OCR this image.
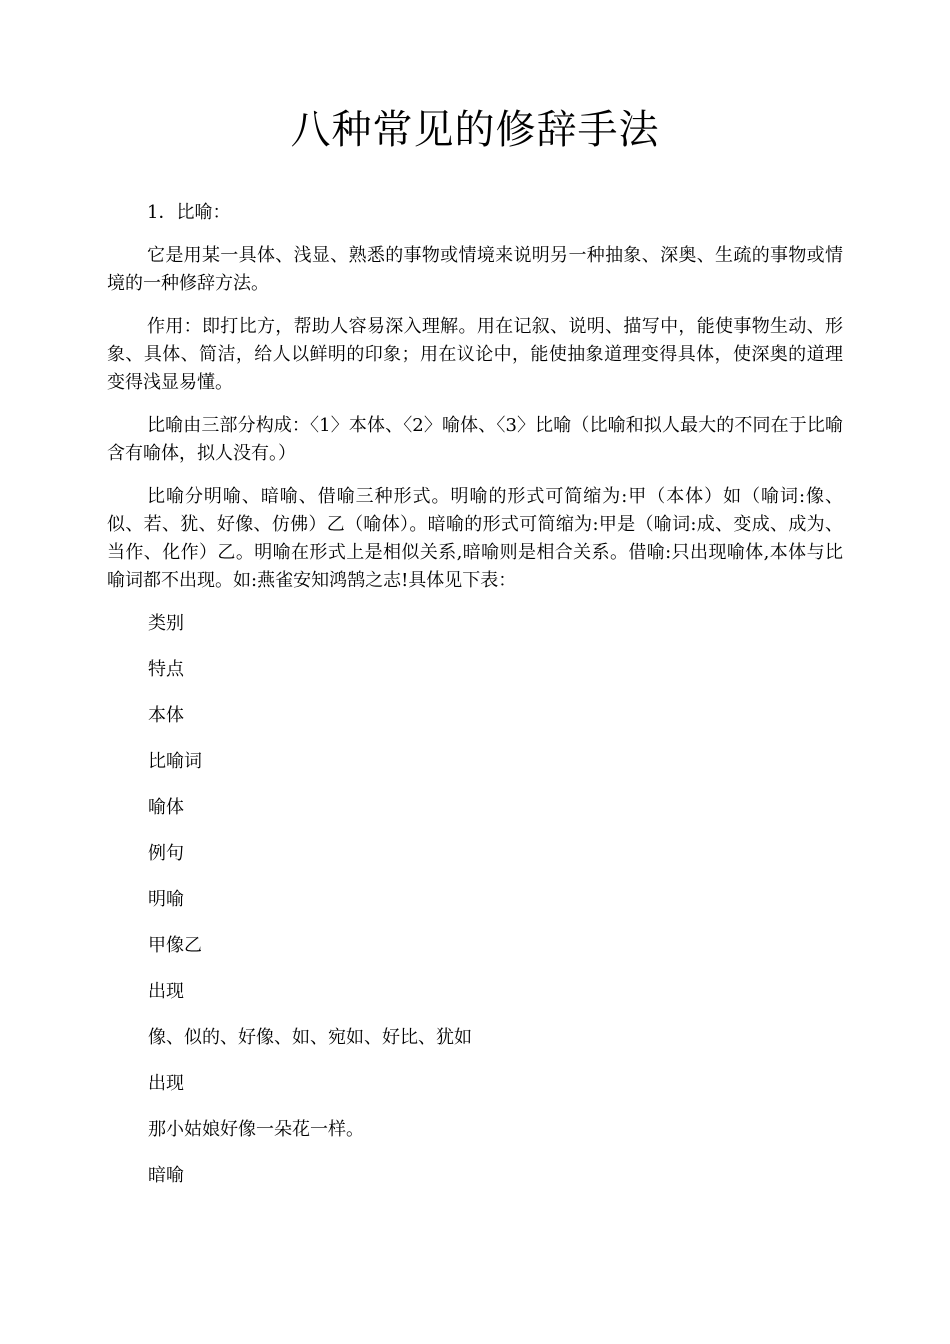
八种常见的修辞手法
1．比喻：

它是用某一具体、浅显、熟悉的事物或情境来说明另一种抽象、深奥、生疏的事物或情境的一种修辞方法。

作用：即打比方，帮助人容易深入理解。用在记叙、说明、描写中，能使事物生动、形象、具体、简洁，给人以鲜明的印象；用在议论中，能使抽象道理变得具体，使深奥的道理变得浅显易懂。

比喻由三部分构成：〈1〉本体、〈2〉喻体、〈3〉比喻（比喻和拟人最大的不同在于比喻含有喻体，拟人没有。）

比喻分明喻、暗喻、借喻三种形式。明喻的形式可简缩为:甲（本体）如（喻词:像、似、若、犹、好像、仿佛）乙（喻体）。暗喻的形式可简缩为:甲是（喻词:成、变成、成为、当作、化作）乙。明喻在形式上是相似关系,暗喻则是相合关系。借喻:只出现喻体,本体与比喻词都不出现。如:燕雀安知鸿鹄之志!具体见下表：

类别
特点
本体
比喻词
喻体
例句
明喻
甲像乙
出现
像、似的、好像、如、宛如、好比、犹如
出现
那小姑娘好像一朵花一样。
暗喻
